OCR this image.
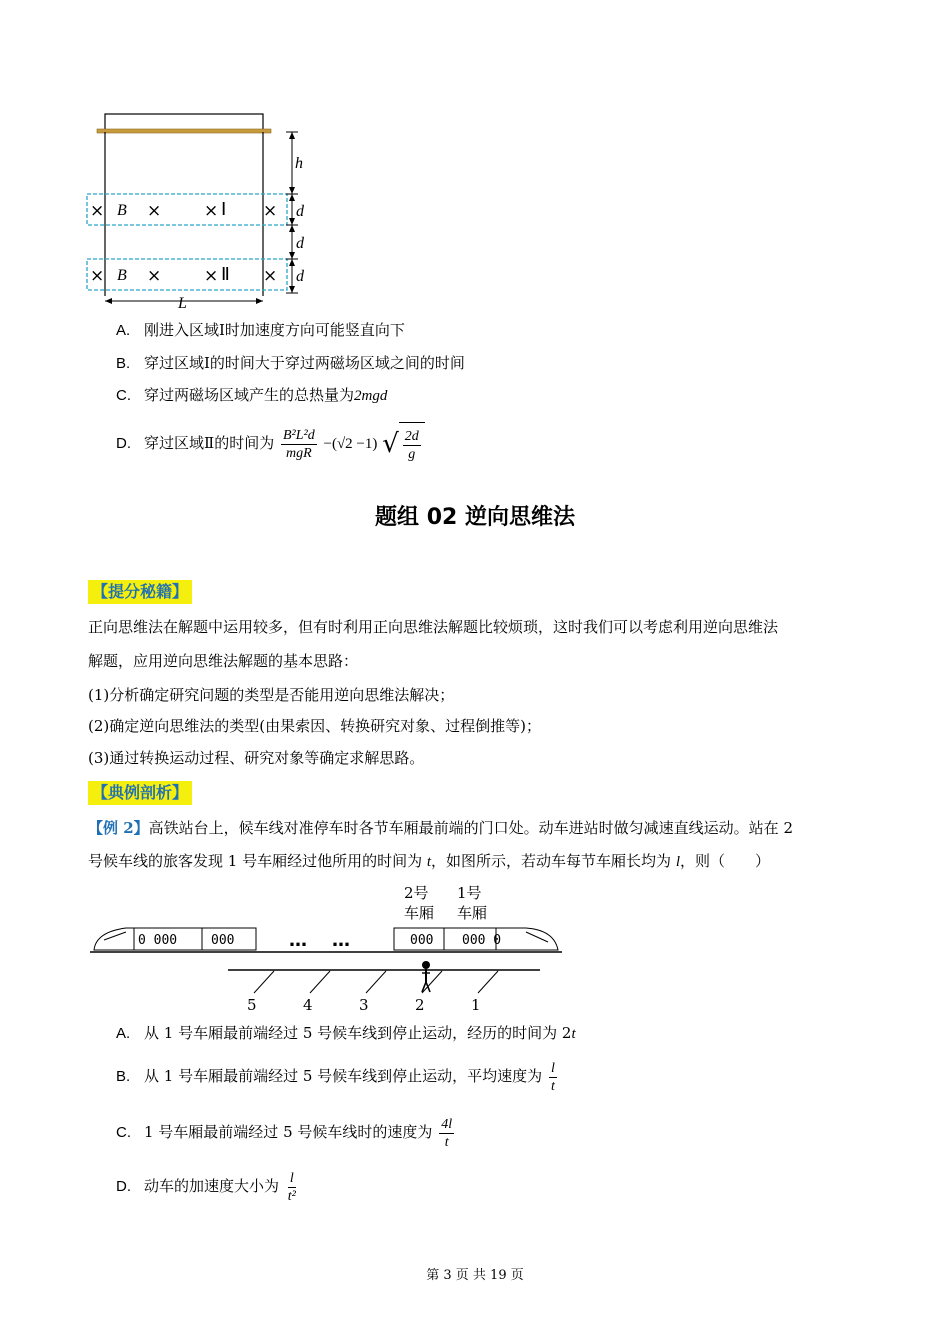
h
d
d
d
B
B
L
×	×	×	×
×	×	×	×
Ⅰ
Ⅱ
A. 刚进入区域Ⅰ时加速度方向可能竖直向下
B. 穿过区域Ⅰ的时间大于穿过两磁场区域之间的时间
C. 穿过两磁场区域产生的总热量为2mgd
D. 穿过区域Ⅱ的时间为 $\frac{\text{B²L²d}}{\text{mgR}} -(√2 -1)$ √ $\frac{2d}{g}$
题组 02 逆向思维法
【提分秘籍】
正向思维法在解题中运用较多，但有时利用正向思维法解题比较烦琐，这时我们可以考虑利用逆向思维法
解题，应用逆向思维法解题的基本思路：
(1)分析确定研究问题的类型是否能用逆向思维法解决；
(2)确定逆向思维法的类型(由果索因、转换研究对象、过程倒推等)；
(3)通过转换运动过程、研究对象等确定求解思路。
【典例剖析】
【例 2】高铁站台上，候车线对准停车时各节车厢最前端的门口处。动车进站时做匀减速直线运动。站在 2
号候车线的旅客发现 1 号车厢经过他所用的时间为 t，如图所示，若动车每节车厢长均为 l，则（　　）
2号
车厢
1号
车厢
0 000	000	000 000 0
… …
5	4	3	2	1
A. 从 1 号车厢最前端经过 5 号候车线到停止运动，经历的时间为 2t
B. 从 1 号车厢最前端经过 5 号候车线到停止运动，平均速度为 $\frac{l}{t}$
C. 1 号车厢最前端经过 5 号候车线时的速度为 $\frac{4l}{t}$
D. 动车的加速度大小为 $\frac{l}{\text{t²}}$
第 3 页 共 19 页
